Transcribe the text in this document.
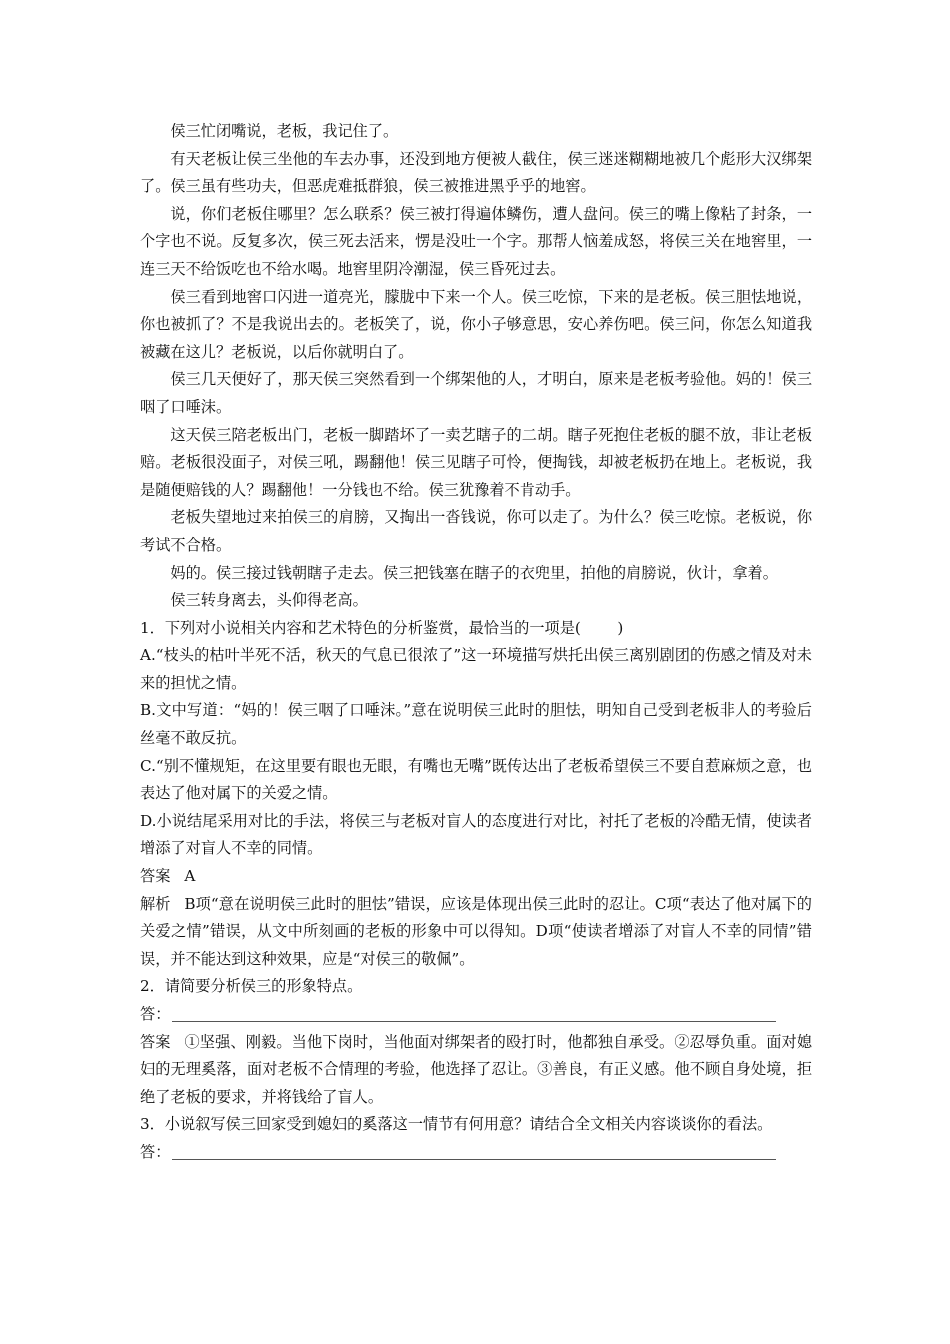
侯三忙闭嘴说，老板，我记住了。

有天老板让侯三坐他的车去办事，还没到地方便被人截住，侯三迷迷糊糊地被几个彪形大汉绑架了。侯三虽有些功夫，但恶虎难抵群狼，侯三被推进黑乎乎的地窖。

说，你们老板住哪里？怎么联系？侯三被打得遍体鳞伤，遭人盘问。侯三的嘴上像粘了封条，一个字也不说。反复多次，侯三死去活来，愣是没吐一个字。那帮人恼羞成怒，将侯三关在地窖里，一连三天不给饭吃也不给水喝。地窖里阴冷潮湿，侯三昏死过去。

侯三看到地窖口闪进一道亮光，朦胧中下来一个人。侯三吃惊，下来的是老板。侯三胆怯地说，你也被抓了？不是我说出去的。老板笑了，说，你小子够意思，安心养伤吧。侯三问，你怎么知道我被藏在这儿？老板说，以后你就明白了。

侯三几天便好了，那天侯三突然看到一个绑架他的人，才明白，原来是老板考验他。妈的！侯三咽了口唾沫。

这天侯三陪老板出门，老板一脚踏坏了一卖艺瞎子的二胡。瞎子死抱住老板的腿不放，非让老板赔。老板很没面子，对侯三吼，踢翻他！侯三见瞎子可怜，便掏钱，却被老板扔在地上。老板说，我是随便赔钱的人？踢翻他！一分钱也不给。侯三犹豫着不肯动手。

老板失望地过来拍侯三的肩膀，又掏出一沓钱说，你可以走了。为什么？侯三吃惊。老板说，你考试不合格。

妈的。侯三接过钱朝瞎子走去。侯三把钱塞在瞎子的衣兜里，拍他的肩膀说，伙计，拿着。

侯三转身离去，头仰得老高。

1．下列对小说相关内容和艺术特色的分析鉴赏，最恰当的一项是( )

A.“枝头的枯叶半死不活，秋天的气息已很浓了”这一环境描写烘托出侯三离别剧团的伤感之情及对未来的担忧之情。

B.文中写道：“妈的！侯三咽了口唾沫。”意在说明侯三此时的胆怯，明知自己受到老板非人的考验后丝毫不敢反抗。

C.“别不懂规矩，在这里要有眼也无眼，有嘴也无嘴”既传达出了老板希望侯三不要自惹麻烦之意，也表达了他对属下的关爱之情。

D.小说结尾采用对比的手法，将侯三与老板对盲人的态度进行对比，衬托了老板的冷酷无情，使读者增添了对盲人不幸的同情。

答案 A

解析 B项“意在说明侯三此时的胆怯”错误，应该是体现出侯三此时的忍让。C项“表达了他对属下的关爱之情”错误，从文中所刻画的老板的形象中可以得知。D项“使读者增添了对盲人不幸的同情”错误，并不能达到这种效果，应是“对侯三的敬佩”。

2．请简要分析侯三的形象特点。

答：

答案 ①坚强、刚毅。当他下岗时，当他面对绑架者的殴打时，他都独自承受。②忍辱负重。面对媳妇的无理奚落，面对老板不合情理的考验，他选择了忍让。③善良，有正义感。他不顾自身处境，拒绝了老板的要求，并将钱给了盲人。

3．小说叙写侯三回家受到媳妇的奚落这一情节有何用意？请结合全文相关内容谈谈你的看法。

答：
